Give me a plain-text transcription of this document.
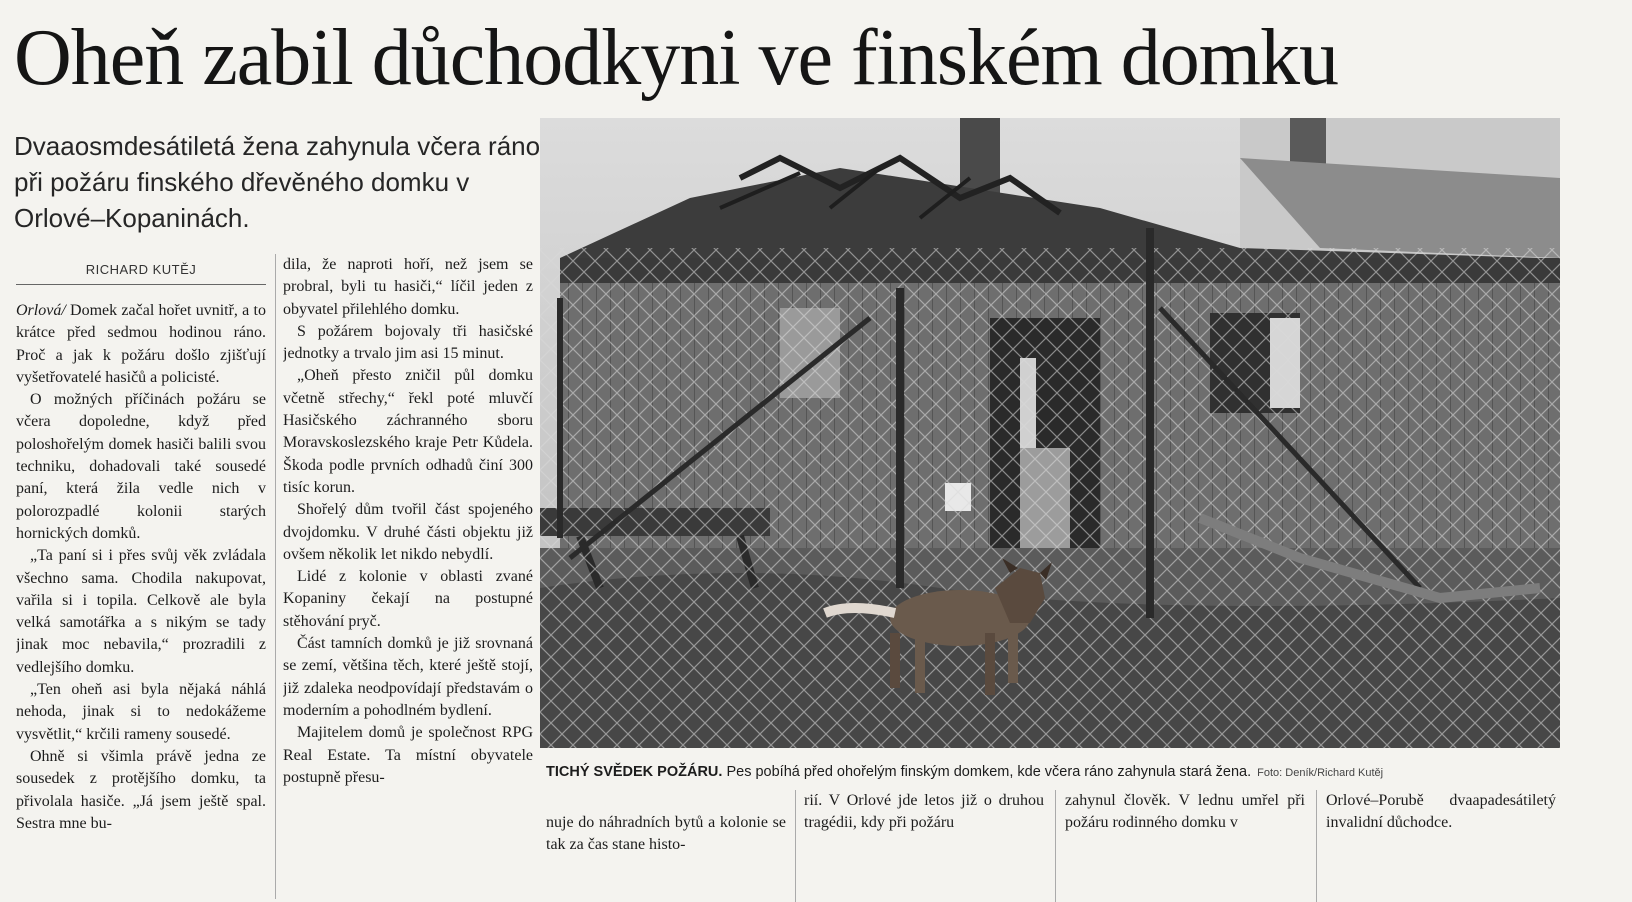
Oheň zabil důchodkyni ve finském domku
Dvaaosmdesátiletá žena zahynula včera ráno při požáru finského dřevěného domku v Orlové–Kopaninách.
RICHARD KUTĚJ

Orlová/ Domek začal hořet uvnitř, a to krátce před sedmou hodinou ráno. Proč a jak k požáru došlo zjišťují vyšetřovatelé hasičů a policisté.

O možných příčinách požáru se včera dopoledne, když před poloshořelým domek hasiči balili svou techniku, dohadovali také sousedé paní, která žila vedle nich v polorozpadlé kolonii starých hornických domků.

„Ta paní si i přes svůj věk zvládala všechno sama. Chodila nakupovat, vařila si i topila. Celkově ale byla velká samotářka a s nikým se tady jinak moc nebavila,“ prozradili z vedlejšího domku.

„Ten oheň asi byla nějaká náhlá nehoda, jinak si to nedokážeme vysvětlit,“ krčili rameny sousedé.

Ohně si všimla právě jedna ze sousedek z protějšího domku, ta přivolala hasiče. „Já jsem ještě spal. Sestra mne bu-

dila, že naproti hoří, než jsem se probral, byli tu hasiči,“ líčil jeden z obyvatel přilehlého domku.

S požárem bojovaly tři hasičské jednotky a trvalo jim asi 15 minut.

„Oheň přesto zničil půl domku včetně střechy,“ řekl poté mluvčí Hasičského záchranného sboru Moravskoslezského kraje Petr Kůdela. Škoda podle prvních odhadů činí 300 tisíc korun.

Shořelý dům tvořil část spojeného dvojdomku. V druhé části objektu již ovšem několik let nikdo nebydlí.

Lidé z kolonie v oblasti zvané Kopaniny čekají na postupné stěhování pryč.

Část tamních domků je již srovnaná se zemí, většina těch, které ještě stojí, již zdaleka neodpovídají představám o moderním a pohodlném bydlení.

Majitelem domů je společnost RPG Real Estate. Ta místní obyvatele postupně přesu-	TICHÝ SVĚDEK POŽÁRU. Pes pobíhá před ohořelým finským domkem, kde včera ráno zahynula stará žena. Foto: Deník/Richard Kutěj
nuje do náhradních bytů a kolonie se tak za čas stane histo-
rií. V Orlové jde letos již o druhou tragédii, kdy při požáru
zahynul člověk. V lednu umřel při požáru rodinného domku v
Orlové–Porubě dvaapadesátiletý invalidní důchodce.
